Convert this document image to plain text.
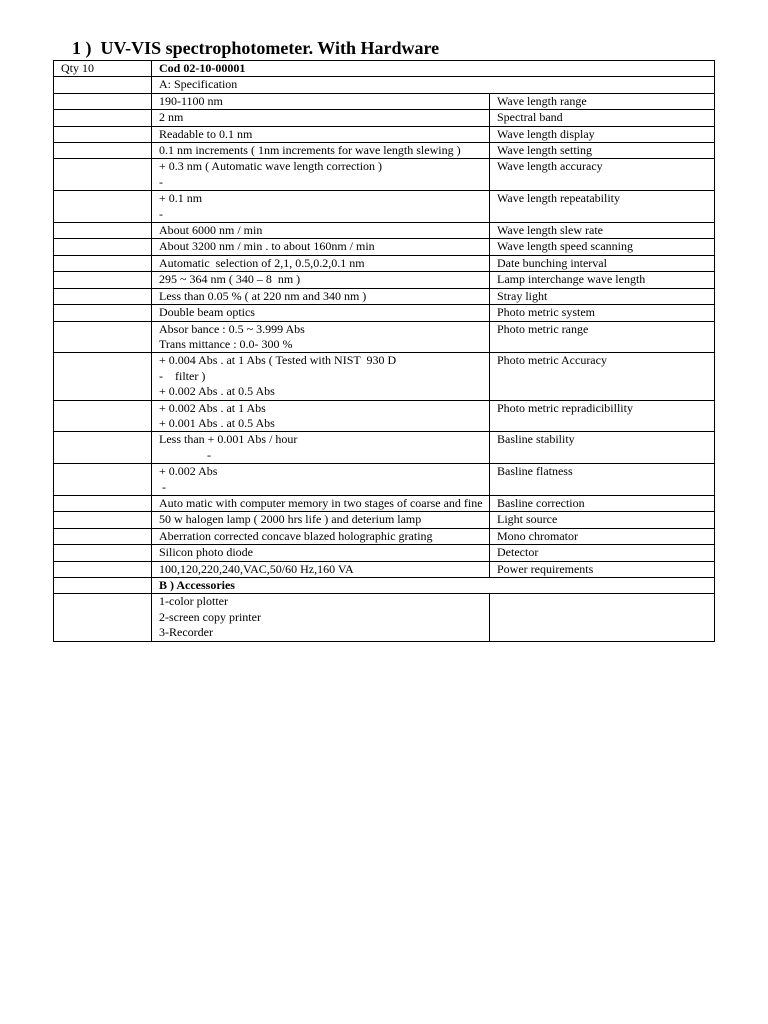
1 )  UV-VIS spectrophotometer. With Hardware
Qty 10	Cod 02-10-00001	
	A: Specification	

	190-1100 nm	Wave length range

	2 nm	Spectral band

	Readable to 0.1 nm	Wave length display

	0.1 nm increments ( 1nm increments for wave length slewing )	Wave length setting

	+ 0.3 nm ( Automatic wave length correction )
-	Wave length accuracy

	+ 0.1 nm
-	Wave length repeatability

	About 6000 nm / min	Wave length slew rate

	About 3200 nm / min . to about 160nm / min	Wave length speed scanning

	Automatic  selection of 2,1, 0.5,0.2,0.1 nm	Date bunching interval

	295 ~ 364 nm ( 340 – 8  nm )	Lamp interchange wave length

	Less than 0.05 % ( at 220 nm and 340 nm )	Stray light

	Double beam optics	Photo metric system

	Absor bance : 0.5 ~ 3.999 Abs
Trans mittance : 0.0- 300 %	Photo metric range

	+ 0.004 Abs . at 1 Abs ( Tested with NIST  930 D
-    filter )
+ 0.002 Abs . at 0.5 Abs	Photo metric Accuracy

	+ 0.002 Abs . at 1 Abs
+ 0.001 Abs . at 0.5 Abs	Photo metric repradicibillity

	Less than + 0.001 Abs / hour
-	Basline stability

	+ 0.002 Abs
-	Basline flatness

	Auto matic with computer memory in two stages of coarse and fine	Basline correction

	50 w halogen lamp ( 2000 hrs life ) and deterium lamp	Light source

	Aberration corrected concave blazed holographic grating	Mono chromator

	Silicon photo diode	Detector

	100,120,220,240,VAC,50/60 Hz,160 VA	Power requirements
	B ) Accessories	

	1-color plotter
2-screen copy printer
3-Recorder	
